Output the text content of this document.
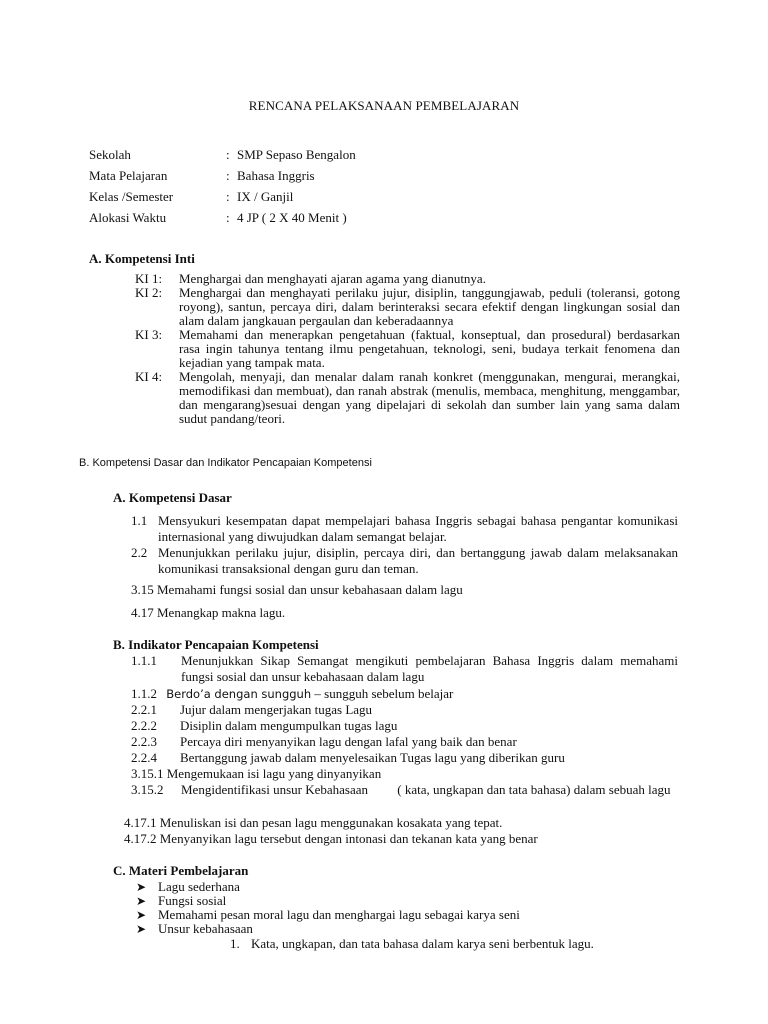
RENCANA PELAKSANAAN PEMBELAJARAN
Sekolah	: SMP Sepaso Bengalon
Mata Pelajaran	: Bahasa Inggris
Kelas /Semester	: IX / Ganjil
Alokasi Waktu	: 4 JP ( 2 X 40 Menit )
A. Kompetensi Inti
KI 1: Menghargai dan menghayati ajaran agama yang dianutnya.
KI 2: Menghargai dan menghayati perilaku jujur, disiplin, tanggungjawab, peduli (toleransi, gotong royong), santun, percaya diri, dalam berinteraksi secara efektif dengan lingkungan sosial dan alam dalam jangkauan pergaulan dan keberadaannya
KI 3: Memahami dan menerapkan pengetahuan (faktual, konseptual, dan prosedural) berdasarkan rasa ingin tahunya tentang ilmu pengetahuan, teknologi, seni, budaya terkait fenomena dan kejadian yang tampak mata.
KI 4: Mengolah, menyaji, dan menalar dalam ranah konkret (menggunakan, mengurai, merangkai, memodifikasi dan membuat), dan ranah abstrak (menulis, membaca, menghitung, menggambar, dan mengarang)sesuai dengan yang dipelajari di sekolah dan sumber lain yang sama dalam sudut pandang/teori.
B. Kompetensi Dasar dan Indikator Pencapaian Kompetensi
A. Kompetensi Dasar
1.1 Mensyukuri kesempatan dapat mempelajari bahasa Inggris sebagai bahasa pengantar komunikasi internasional yang diwujudkan dalam semangat belajar.
2.2 Menunjukkan perilaku jujur, disiplin, percaya diri, dan bertanggung jawab dalam melaksanakan komunikasi transaksional dengan guru dan teman.
3.15 Memahami fungsi sosial dan unsur kebahasaan dalam lagu
4.17 Menangkap makna lagu.
B. Indikator Pencapaian Kompetensi
1.1.1 Menunjukkan Sikap Semangat mengikuti pembelajaran Bahasa Inggris dalam memahami fungsi sosial dan unsur kebahasaan dalam lagu
1.1.2 Berdo’a dengan sungguh – sungguh sebelum belajar
2.2.1 Jujur dalam mengerjakan tugas Lagu
2.2.2 Disiplin dalam mengumpulkan tugas lagu
2.2.3 Percaya diri menyanyikan lagu dengan lafal yang baik dan benar
2.2.4 Bertanggung jawab dalam menyelesaikan Tugas lagu yang diberikan guru
3.15.1 Mengemukaan isi lagu yang dinyanyikan
3.15.2 Mengidentifikasi unsur Kebahasaan         ( kata, ungkapan dan tata bahasa) dalam sebuah lagu
4.17.1 Menuliskan isi dan pesan lagu menggunakan kosakata yang tepat.
4.17.2 Menyanyikan lagu tersebut dengan intonasi dan tekanan kata yang benar
C. Materi Pembelajaran
➤ Lagu sederhana
➤ Fungsi sosial
➤ Memahami pesan moral lagu dan menghargai lagu sebagai karya seni
➤ Unsur kebahasaan
1. Kata, ungkapan, dan tata bahasa dalam karya seni berbentuk lagu.
